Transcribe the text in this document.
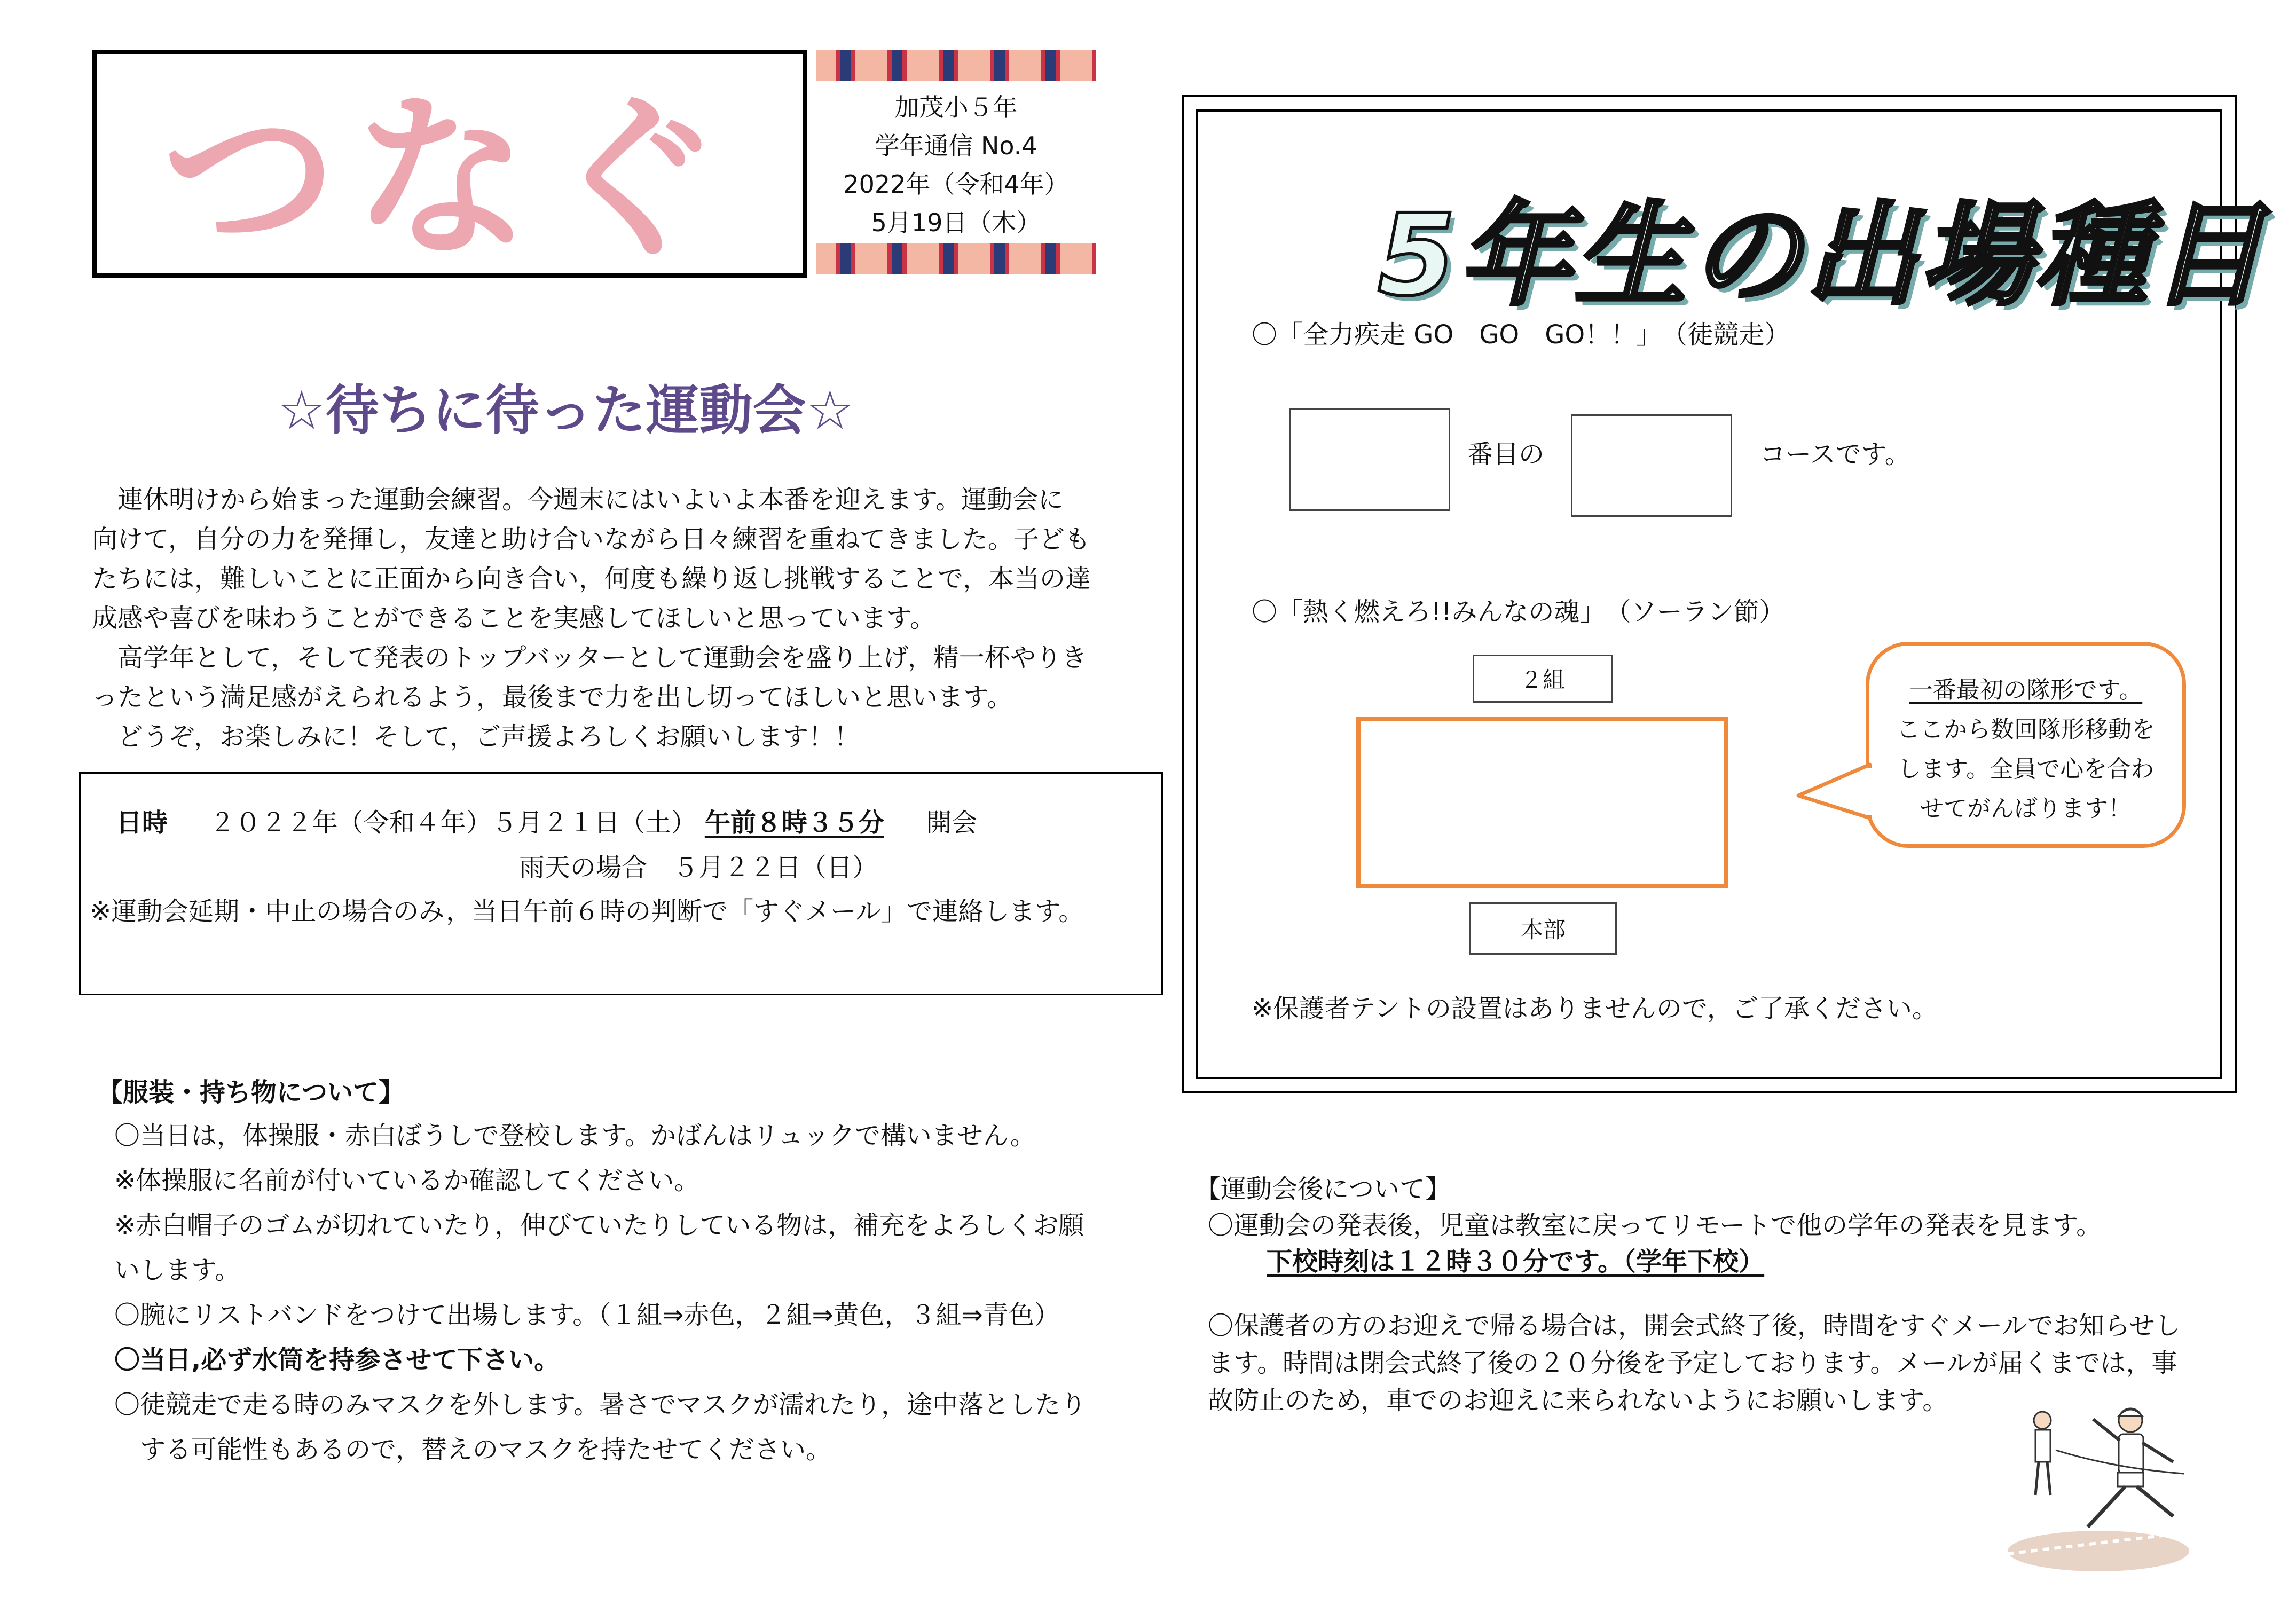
つなぐ	加茂小５年
学年通信 No.4
2022年（令和4年）
5月19日（木）
☆待ちに待った運動会☆
　連休明けから始まった運動会練習。今週末にはいよいよ本番を迎えます。運動会に
向けて，自分の力を発揮し，友達と助け合いながら日々練習を重ねてきました。子ども
たちには，難しいことに正面から向き合い，何度も繰り返し挑戦することで，本当の達
成感や喜びを味わうことができることを実感してほしいと思っています。
　高学年として，そして発表のトップバッターとして運動会を盛り上げ，精一杯やりき
ったという満足感がえられるよう，最後まで力を出し切ってほしいと思います。
　どうぞ，お楽しみに！そして，ご声援よろしくお願いします！！
日時 　 ２０２２年（令和４年）５月２１日（土） 午前８時３５分 　 開会
雨天の場合　５月２２日（日）
※運動会延期・中止の場合のみ，当日午前６時の判断で「すぐメール」で連絡します。
【服装・持ち物について】
〇当日は，体操服・赤白ぼうしで登校します。かばんはリュックで構いません。
※体操服に名前が付いているか確認してください。
※赤白帽子のゴムが切れていたり，伸びていたりしている物は，補充をよろしくお願
いします。
〇腕にリストバンドをつけて出場します。（１組⇒赤色，２組⇒黄色，３組⇒青色）
〇当日,必ず水筒を持参させて下さい。
〇徒競走で走る時のみマスクを外します。暑さでマスクが濡れたり，途中落としたり
　する可能性もあるので，替えのマスクを持たせてください。
5年生の出場種目
〇「全力疾走 GO　GO　GO！！」　（徒競走）
番目の	コースです。
〇「熱く燃えろ!!みんなの魂」　（ソーラン節）
２組
本部
一番最初の隊形です。
ここから数回隊形移動を
します。全員で心を合わ
せてがんばります！
※保護者テントの設置はありませんので，ご了承ください。
【運動会後について】
〇運動会の発表後，児童は教室に戻ってリモートで他の学年の発表を見ます。
下校時刻は１２時３０分です。（学年下校）
〇保護者の方のお迎えで帰る場合は，開会式終了後，時間をすぐメールでお知らせし
ます。時間は閉会式終了後の２０分後を予定しております。メールが届くまでは，事
故防止のため，車でのお迎えに来られないようにお願いします。
